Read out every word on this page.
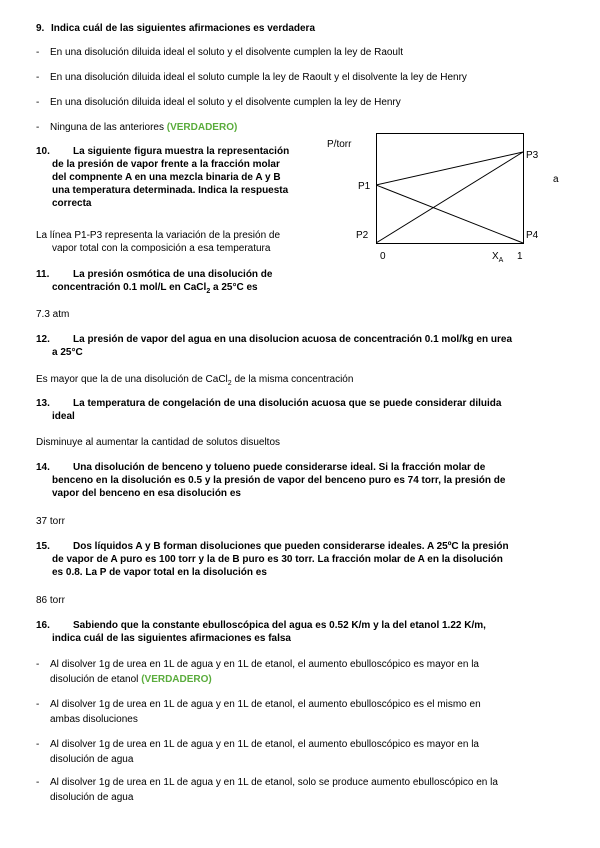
9. Indica cuál de las siguientes afirmaciones es verdadera
- En una disolución diluida ideal el soluto y el disolvente cumplen la ley de Raoult
- En una disolución diluida ideal el soluto cumple la ley de Raoult y el disolvente la ley de Henry
- En una disolución diluida ideal el soluto y el disolvente cumplen la ley de Henry
- Ninguna de las anteriores (VERDADERO)
10. La siguiente figura muestra la representación
de la presión de vapor frente a la fracción molar
del compnente A en una mezcla binaria de A y B
una temperatura determinada. Indica la respuesta
correcta
La línea P1-P3 representa la variación de la presión de
vapor total con la composición a esa temperatura
P/torr
P1
P2
P3
P4
a
0	$X_A$ 1
11. La presión osmótica de una disolución de
concentración 0.1 mol/L en CaCl$_2$ a 25°C es
7.3 atm
12. La presión de vapor del agua en una disolucion acuosa de concentración 0.1 mol/kg en urea
a 25°C
Es mayor que la de una disolución de CaCl$_2$ de la misma concentración
13. La temperatura de congelación de una disolución acuosa que se puede considerar diluida
ideal
Disminuye al aumentar la cantidad de solutos disueltos
14. Una disolución de benceno y tolueno puede considerarse ideal. Si la fracción molar de
benceno en la disolución es 0.5 y la presión de vapor del benceno puro es 74 torr, la presión de
vapor del benceno en esa disolución es
37 torr
15. Dos líquidos A y B forman disoluciones que pueden considerarse ideales. A 25ºC la presión
de vapor de A puro es 100 torr y la de B puro es 30 torr. La fracción molar de A en la disolución
es 0.8. La P de vapor total en la disolución es
86 torr
16. Sabiendo que la constante ebulloscópica del agua es 0.52 K/m y la del etanol 1.22 K/m,
indica cuál de las siguientes afirmaciones es falsa
- Al disolver 1g de urea en 1L de agua y en 1L de etanol, el aumento ebulloscópico es mayor en la
disolución de etanol (VERDADERO)
- Al disolver 1g de urea en 1L de agua y en 1L de etanol, el aumento ebulloscópico es el mismo en
ambas disoluciones
- Al disolver 1g de urea en 1L de agua y en 1L de etanol, el aumento ebulloscópico es mayor en la
disolución de agua
- Al disolver 1g de urea en 1L de agua y en 1L de etanol, solo se produce aumento ebulloscópico en la
disolución de agua
